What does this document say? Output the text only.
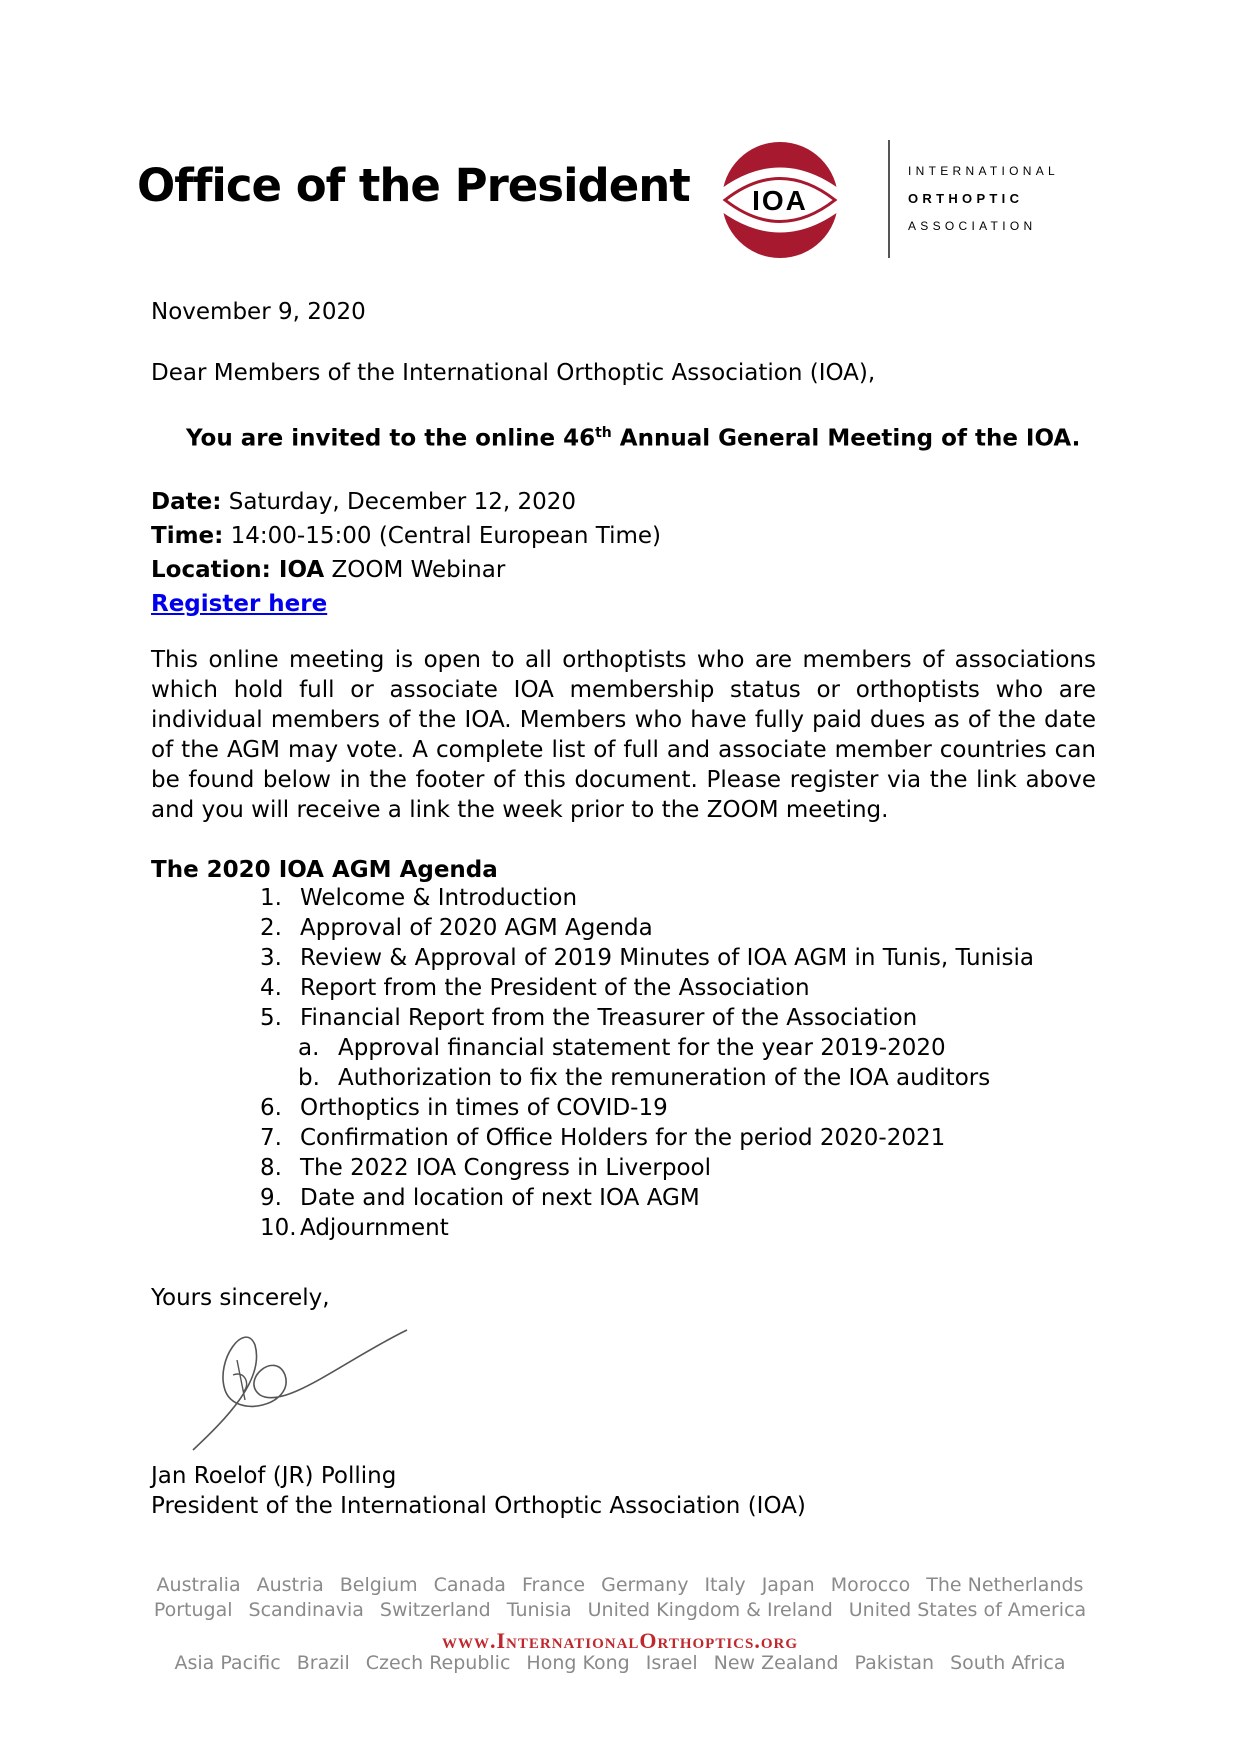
Office of the President IOA
INTERNATIONAL
ORTHOPTIC
ASSOCIATION
November 9, 2020
Dear Members of the International Orthoptic Association (IOA),
You are invited to the online 46th Annual General Meeting of the IOA.
Date: Saturday, December 12, 2020
Time: 14:00-15:00 (Central European Time)
Location: IOA ZOOM Webinar
Register here
This online meeting is open to all orthoptists who are members of associations which hold full or associate IOA membership status or orthoptists who are individual members of the IOA. Members who have fully paid dues as of the date of the AGM may vote. A complete list of full and associate member countries can be found below in the footer of this document. Please register via the link above and you will receive a link the week prior to the ZOOM meeting.
The 2020 IOA AGM Agenda
1. Welcome & Introduction
2. Approval of 2020 AGM Agenda
3. Review & Approval of 2019 Minutes of IOA AGM in Tunis, Tunisia
4. Report from the President of the Association
5. Financial Report from the Treasurer of the Association
a. Approval financial statement for the year 2019-2020
b. Authorization to fix the remuneration of the IOA auditors
6. Orthoptics in times of COVID-19
7. Confirmation of Office Holders for the period 2020-2021
8. The 2022 IOA Congress in Liverpool
9. Date and location of next IOA AGM
10. Adjournment
Yours sincerely,
Jan Roelof (JR) Polling
President of the International Orthoptic Association (IOA)
Australia Austria Belgium Canada France Germany Italy Japan Morocco The Netherlands
Portugal Scandinavia Switzerland Tunisia United Kingdom & Ireland United States of America
www.InternationalOrthoptics.org
Asia Pacific Brazil Czech Republic Hong Kong Israel New Zealand Pakistan South Africa
